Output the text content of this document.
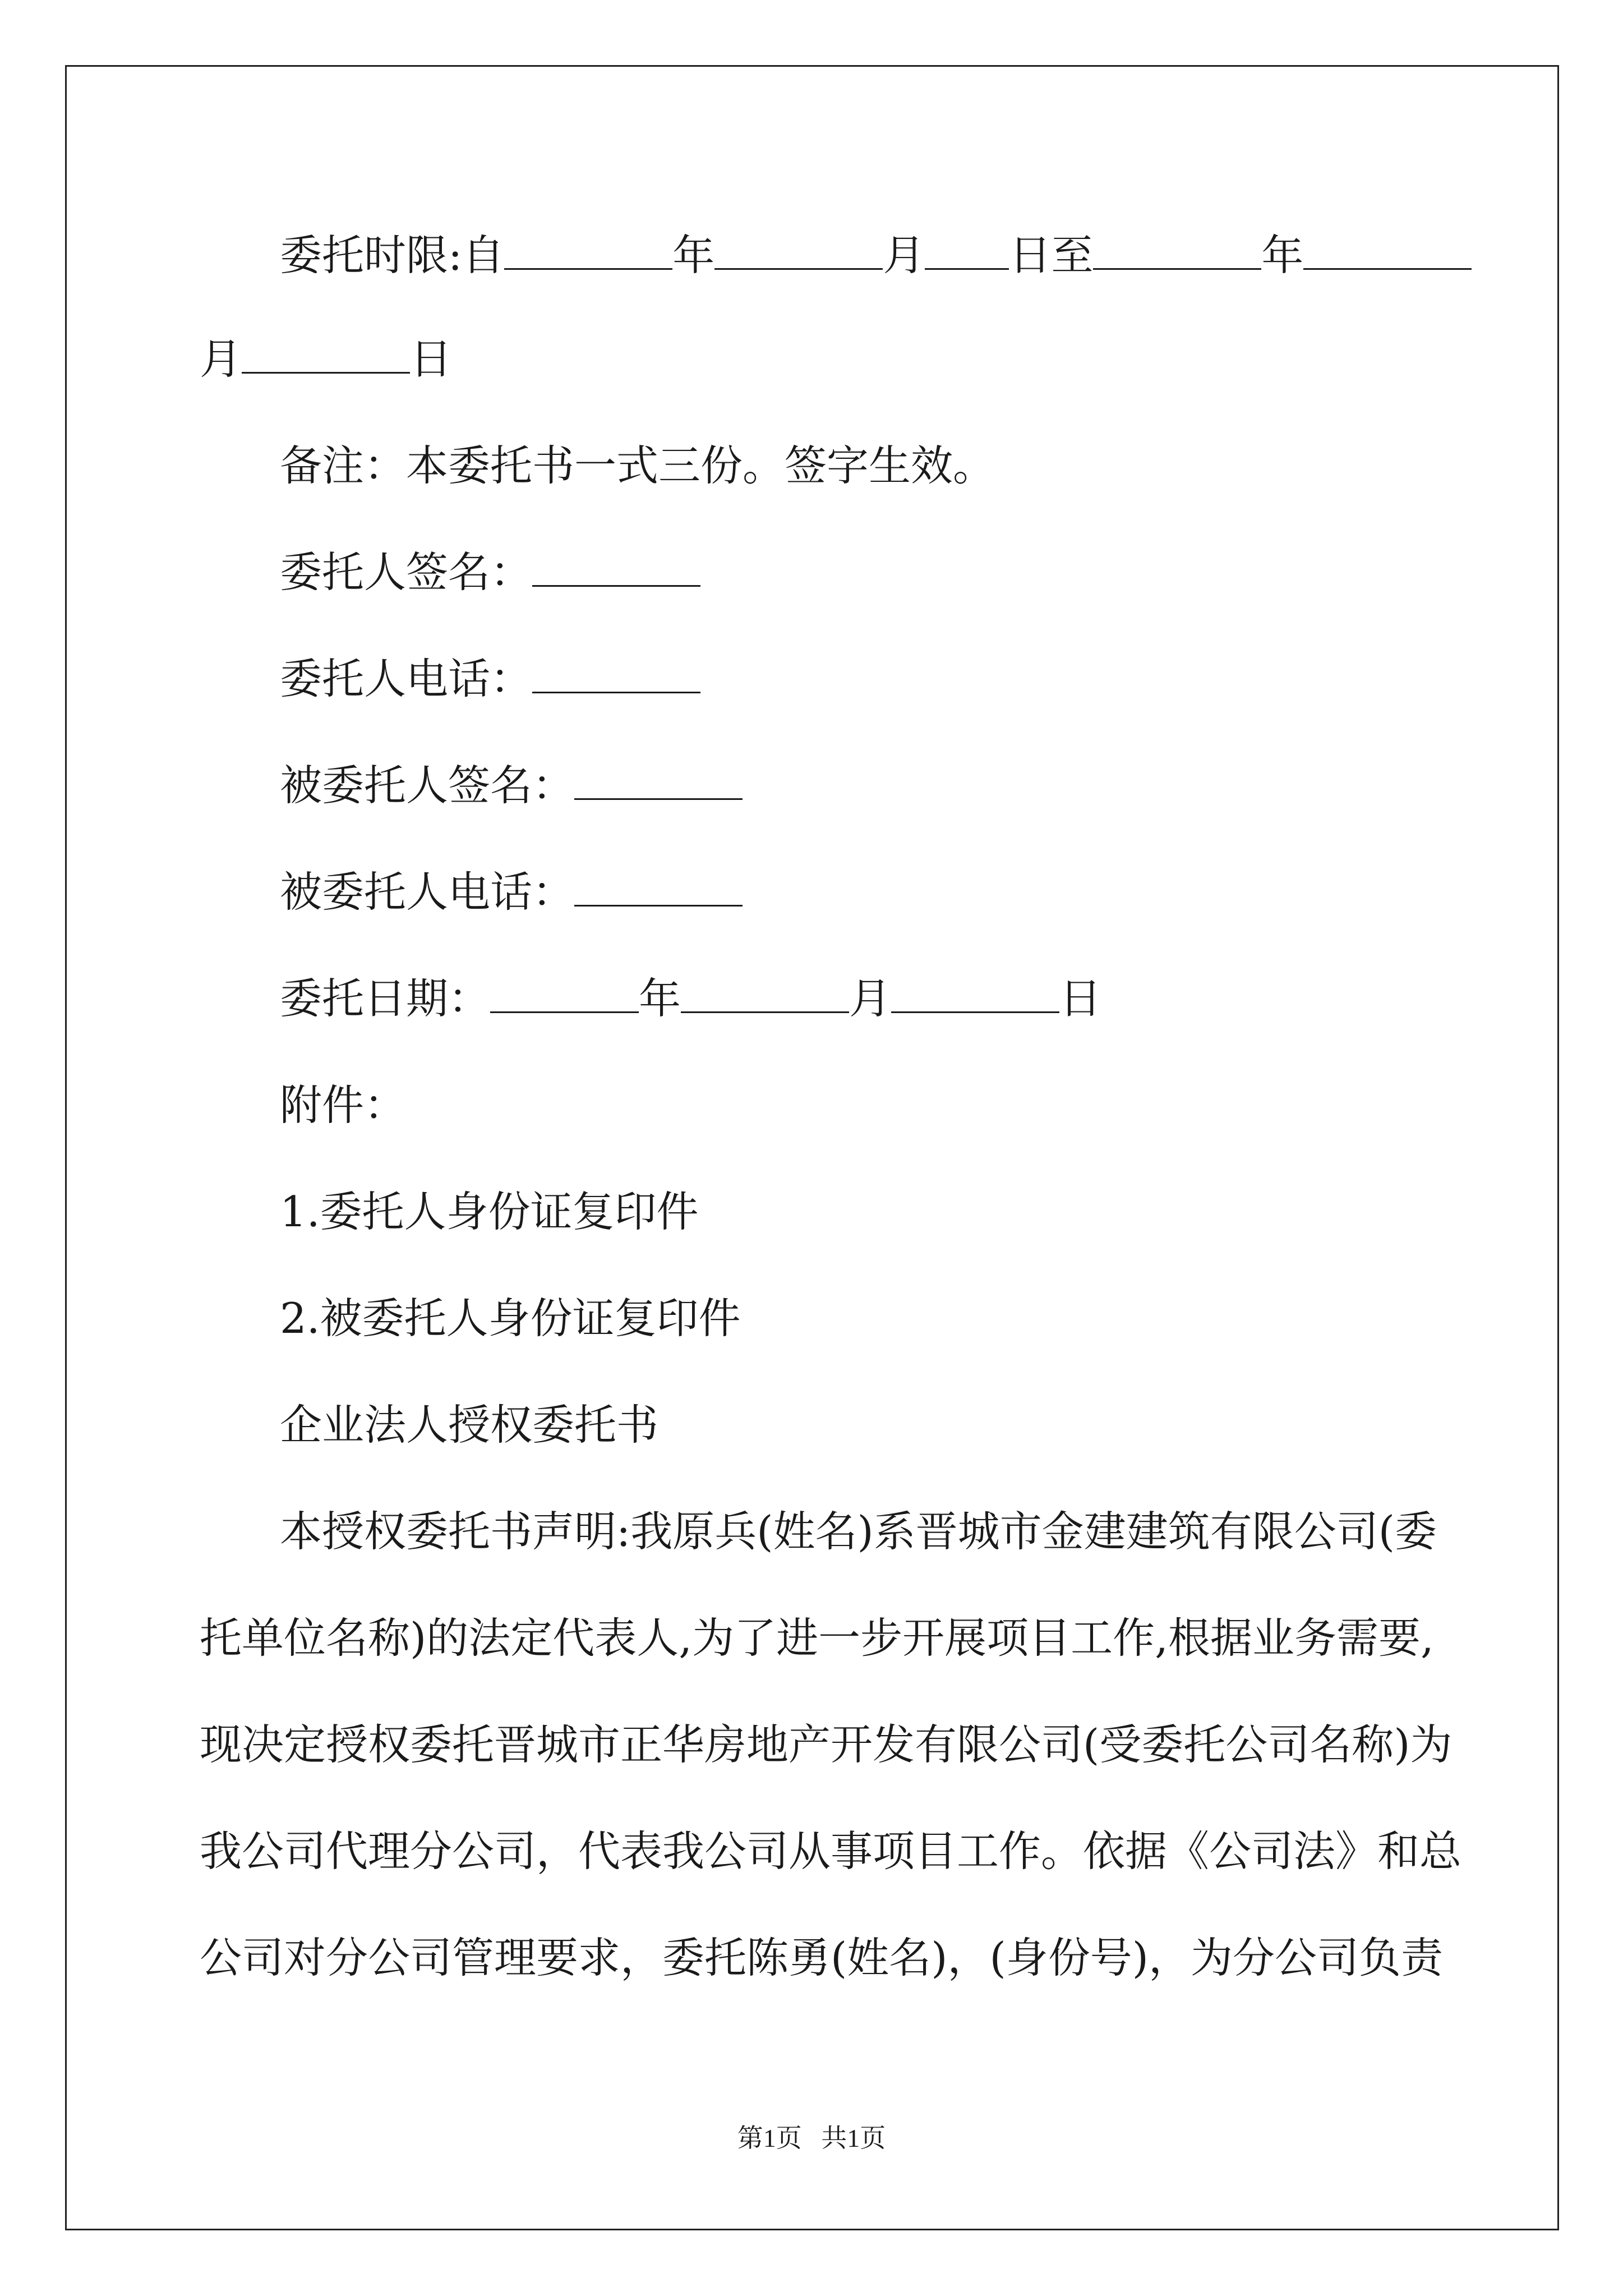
委托时限:自	年	月 日至	年
月	日
备注：本委托书一式三份。签字生效。
委托人签名：
委托人电话：
被委托人签名：
被委托人电话：
委托日期：	年	月	日
附件：
1.委托人身份证复印件
2.被委托人身份证复印件
企业法人授权委托书
本授权委托书声明:我原兵(姓名)系晋城市金建建筑有限公司(委
托单位名称)的法定代表人,为了进一步开展项目工作,根据业务需要,
现决定授权委托晋城市正华房地产开发有限公司(受委托公司名称)为
我公司代理分公司，代表我公司从事项目工作。依据《公司法》和总
公司对分公司管理要求，委托陈勇(姓名)，(身份号)，为分公司负责
第1页 共1页
